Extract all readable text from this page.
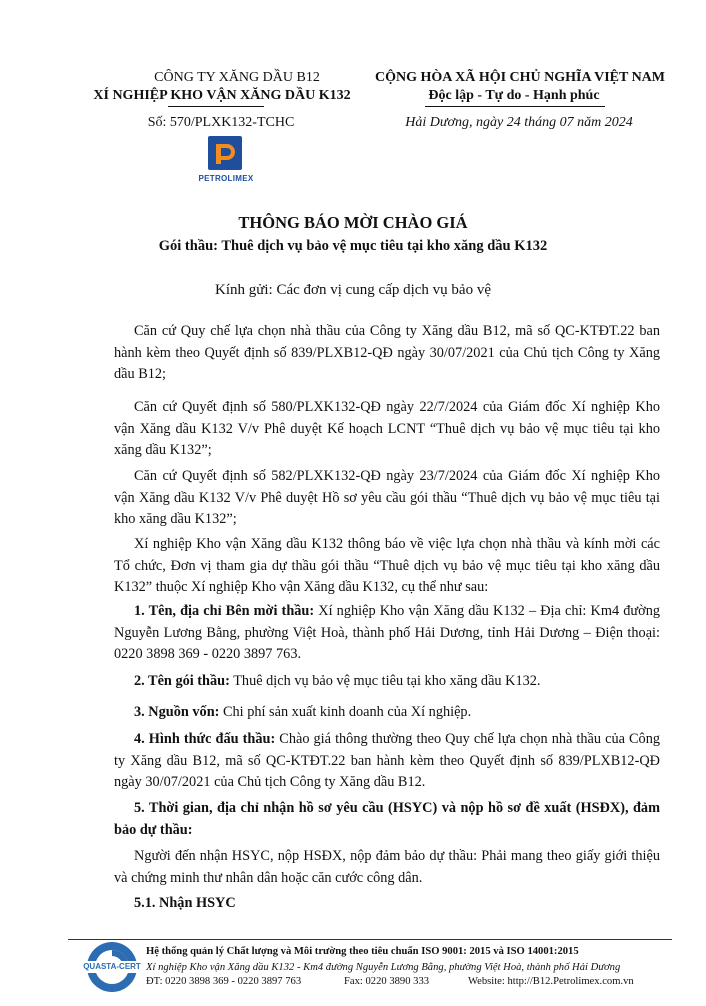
CÔNG TY XĂNG DẦU B12
XÍ NGHIỆP KHO VẬN XĂNG DẦU K132
Số: 570/PLXK132-TCHC
PETROLIMEX
CỘNG HÒA XÃ HỘI CHỦ NGHĨA VIỆT NAM
Độc lập - Tự do - Hạnh phúc
Hải Dương, ngày 24 tháng 07 năm 2024
THÔNG BÁO MỜI CHÀO GIÁ
Gói thầu: Thuê dịch vụ bảo vệ mục tiêu tại kho xăng dầu K132
Kính gửi: Các đơn vị cung cấp dịch vụ bảo vệ
Căn cứ Quy chế lựa chọn nhà thầu của Công ty Xăng dầu B12, mã số QC-KTĐT.22 ban hành kèm theo Quyết định số 839/PLXB12-QĐ ngày 30/07/2021 của Chủ tịch Công ty Xăng dầu B12;
Căn cứ Quyết định số 580/PLXK132-QĐ ngày 22/7/2024 của Giám đốc Xí nghiệp Kho vận Xăng dầu K132 V/v Phê duyệt Kế hoạch LCNT “Thuê dịch vụ bảo vệ mục tiêu tại kho xăng dầu K132”;
Căn cứ Quyết định số 582/PLXK132-QĐ ngày 23/7/2024 của Giám đốc Xí nghiệp Kho vận Xăng dầu K132 V/v Phê duyệt Hồ sơ yêu cầu gói thầu “Thuê dịch vụ bảo vệ mục tiêu tại kho xăng dầu K132”;
Xí nghiệp Kho vận Xăng dầu K132 thông báo về việc lựa chọn nhà thầu và kính mời các Tổ chức, Đơn vị tham gia dự thầu gói thầu “Thuê dịch vụ bảo vệ mục tiêu tại kho xăng dầu K132” thuộc Xí nghiệp Kho vận Xăng dầu K132, cụ thể như sau:
1. Tên, địa chỉ Bên mời thầu: Xí nghiệp Kho vận Xăng dầu K132 – Địa chỉ: Km4 đường Nguyễn Lương Bằng, phường Việt Hoà, thành phố Hải Dương, tỉnh Hải Dương – Điện thoại: 0220 3898 369 - 0220 3897 763.
2. Tên gói thầu: Thuê dịch vụ bảo vệ mục tiêu tại kho xăng dầu K132.
3. Nguồn vốn: Chi phí sản xuất kinh doanh của Xí nghiệp.
4. Hình thức đấu thầu: Chào giá thông thường theo Quy chế lựa chọn nhà thầu của Công ty Xăng dầu B12, mã số QC-KTĐT.22 ban hành kèm theo Quyết định số 839/PLXB12-QĐ ngày 30/07/2021 của Chủ tịch Công ty Xăng dầu B12.
5. Thời gian, địa chỉ nhận hồ sơ yêu cầu (HSYC) và nộp hồ sơ đề xuất (HSĐX), đảm bảo dự thầu:
Người đến nhận HSYC, nộp HSĐX, nộp đảm bảo dự thầu: Phải mang theo giấy giới thiệu và chứng minh thư nhân dân hoặc căn cước công dân.
5.1. Nhận HSYC
QUASTA-CERT
Hệ thống quản lý Chất lượng và Môi trường theo tiêu chuẩn ISO 9001: 2015 và ISO 14001:2015
Xí nghiệp Kho vận Xăng dầu K132 - Km4 đường Nguyễn Lương Bằng, phường Việt Hoà, thành phố Hải Dương
ĐT: 0220 3898 369 - 0220 3897 763	Fax: 0220 3890 333	Website: http://B12.Petrolimex.com.vn
